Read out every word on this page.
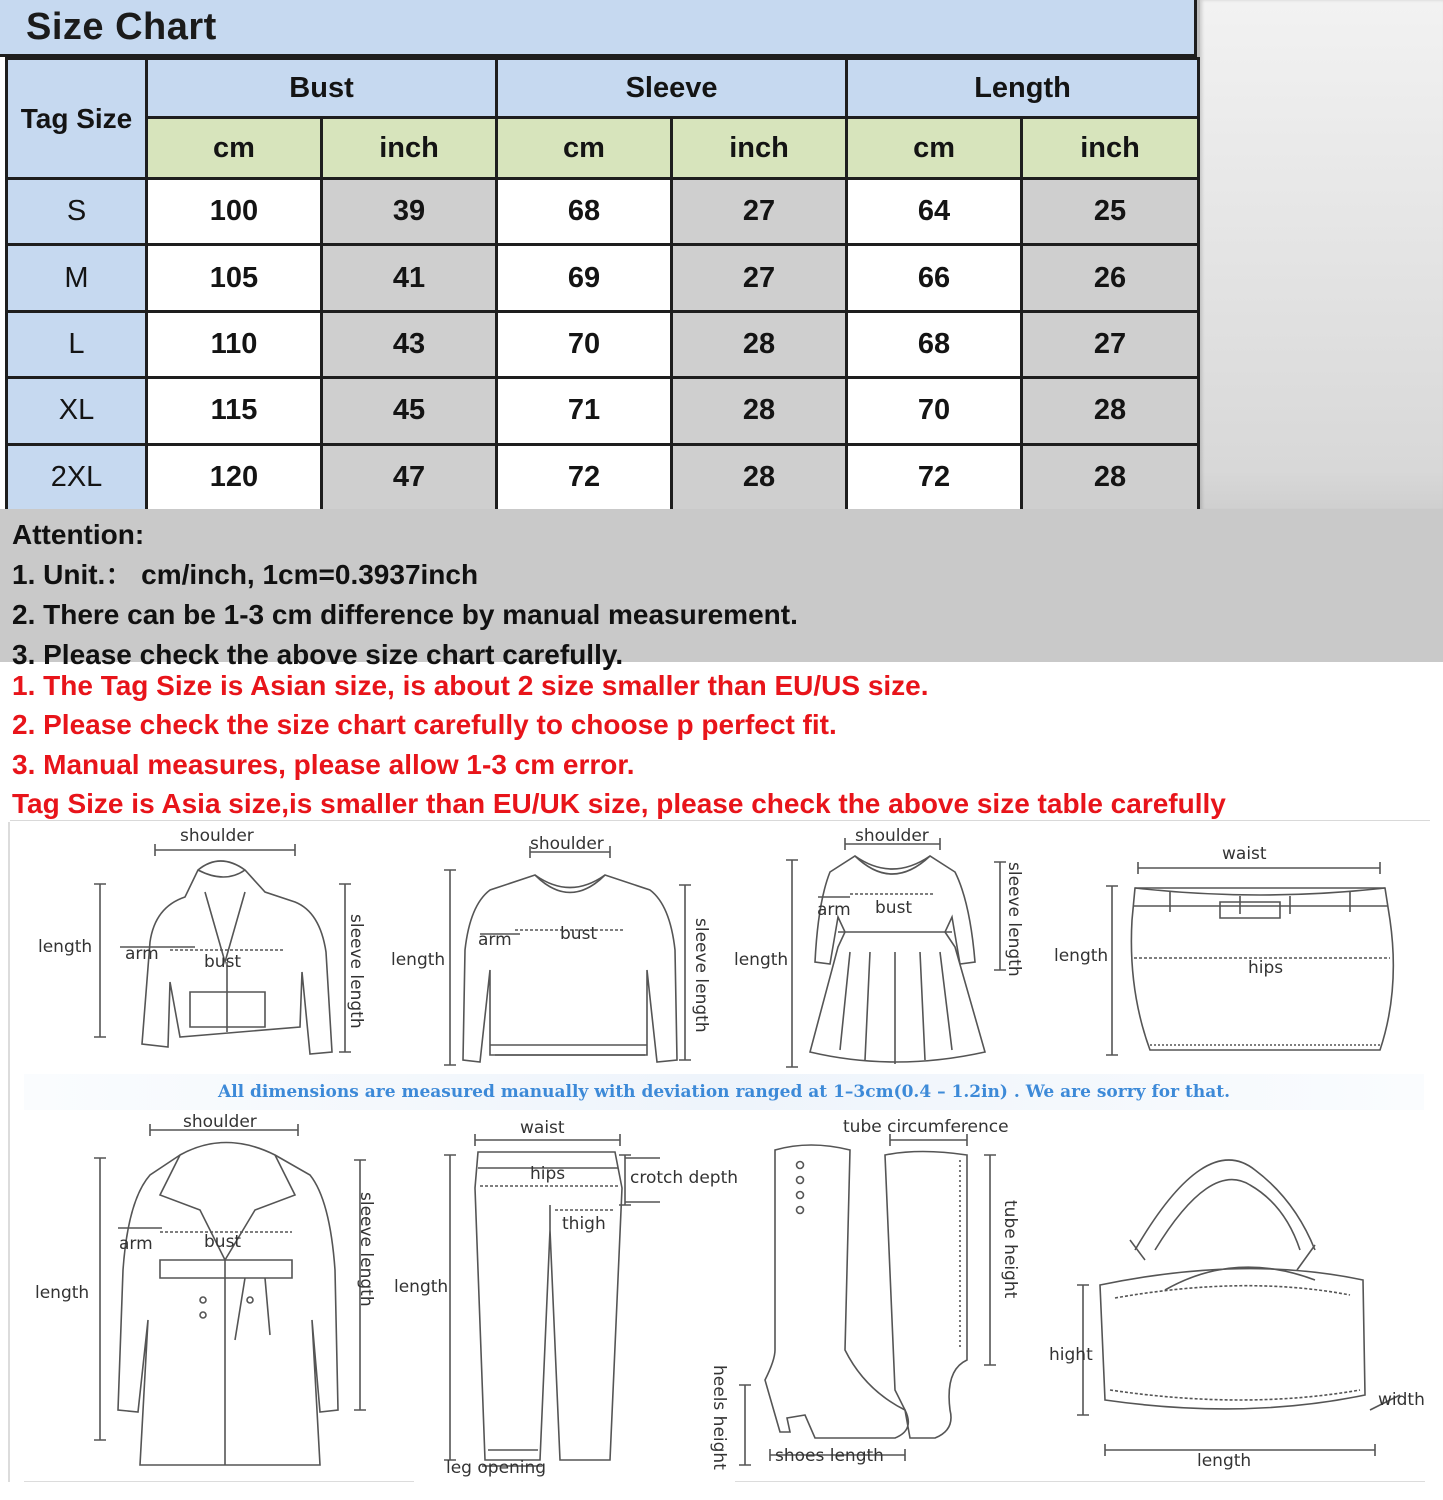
Size Chart
Tag Size	Bust		Sleeve		Length	
	cm	inch	cm	inch	cm	inch
S	100	39	68	27	64	25
M	105	41	69	27	66	26
L	110	43	70	28	68	27
XL	115	45	71	28	70	28
2XL	120	47	72	28	72	28

Attention:

1. Unit.： cm/inch, 1cm=0.3937inch

2. There can be 1-3 cm difference by manual measurement.

3. Please check the above size chart carefully.

1. The Tag Size is Asian size, is about 2 size smaller than EU/US size.

2. Please check the size chart carefully to choose p perfect fit.

3. Manual measures, please allow 1-3 cm error.

Tag Size is Asia size,is smaller than EU/UK size, please check the above size table carefully

shoulder
length arm	bust	sleeve length
shoulder
length
arm	bust	sleeve length
shoulder
length
arm bust	sleeve length
waist
length
hips
All dimensions are measured manually with deviation ranged at 1–3cm(0.4 – 1.2in) . We are sorry for that.
shoulder
length
arm	bust	sleeve length
waist
hips	crotch depth
thigh
length
leg opening
tube circumference
tube height
heels height	shoes length
hight
width
length
